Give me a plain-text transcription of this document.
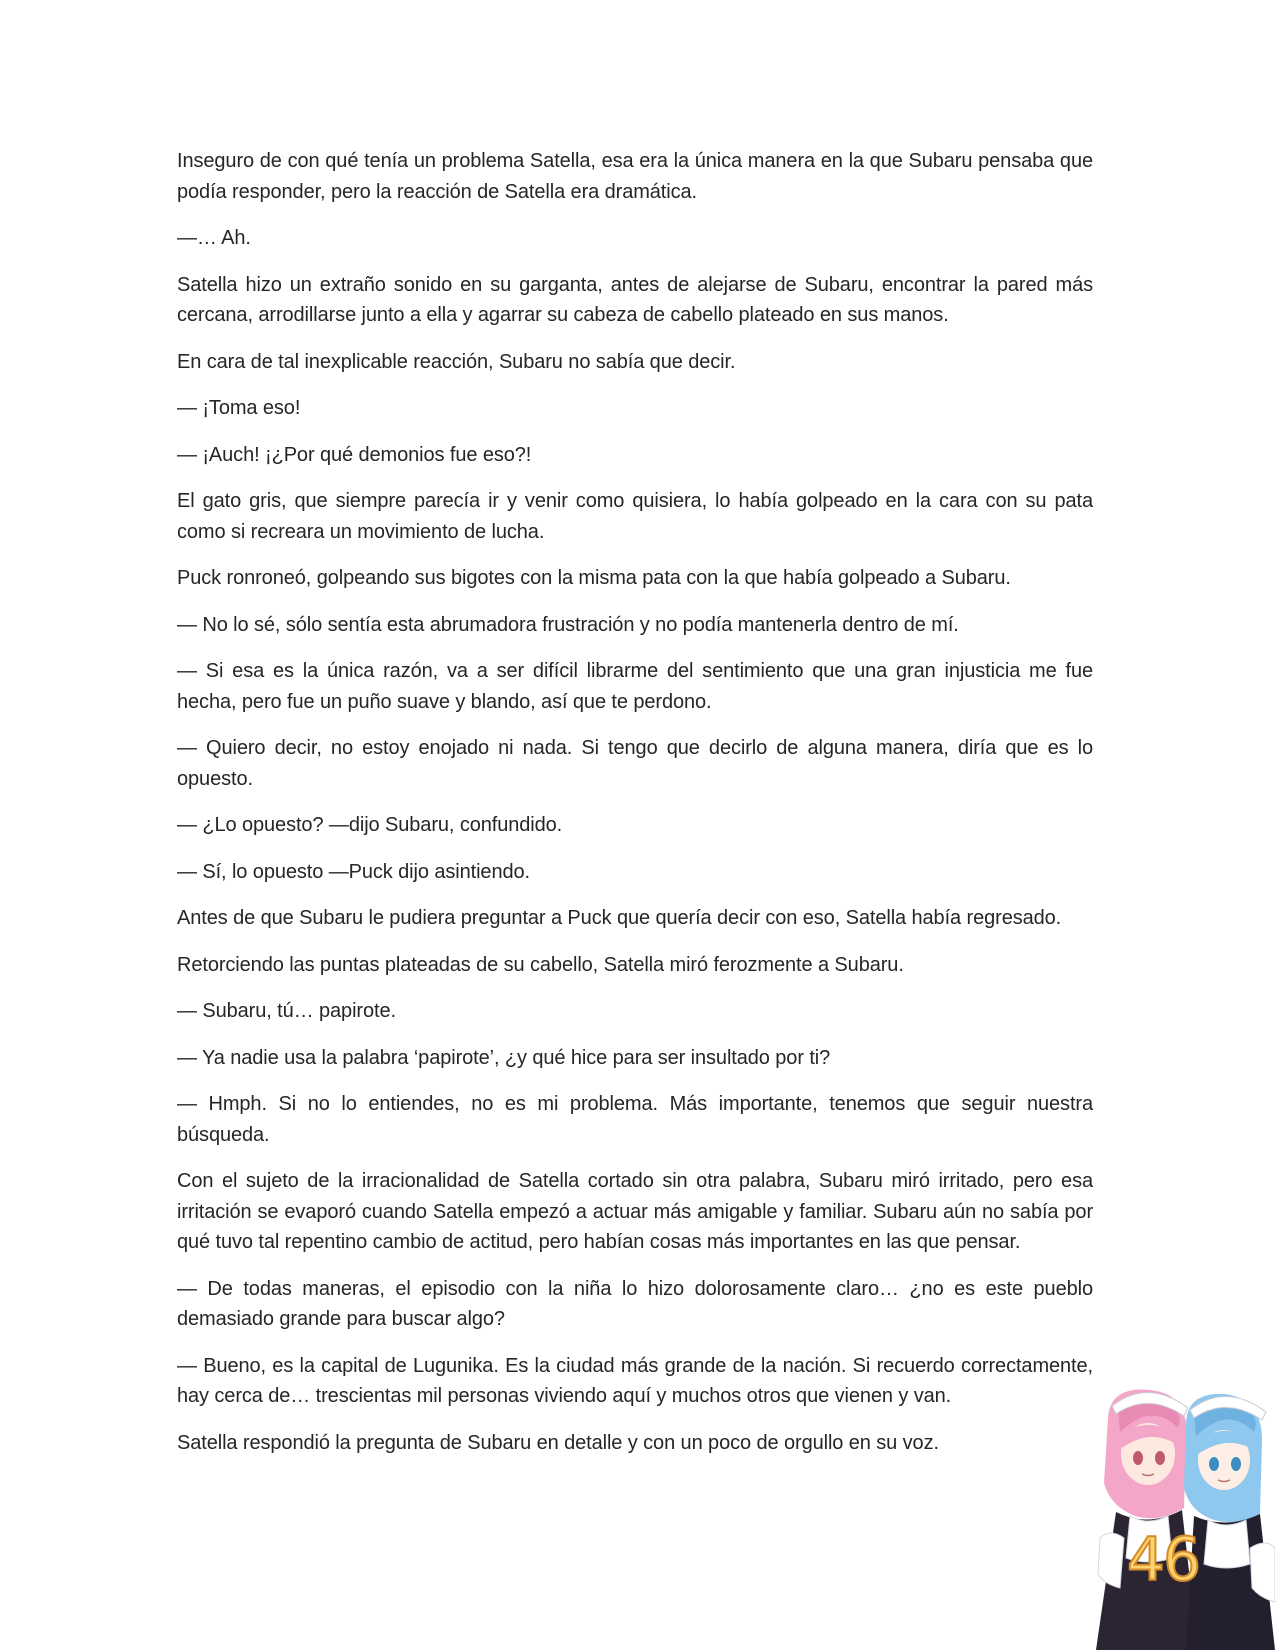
Inseguro de con qué tenía un problema Satella, esa era la única manera en la que Subaru pensaba que podía responder, pero la reacción de Satella era dramática.

—… Ah.

Satella hizo un extraño sonido en su garganta, antes de alejarse de Subaru, encontrar la pared más cercana, arrodillarse junto a ella y agarrar su cabeza de cabello plateado en sus manos.

En cara de tal inexplicable reacción, Subaru no sabía que decir.

— ¡Toma eso!

— ¡Auch! ¡¿Por qué demonios fue eso?!

El gato gris, que siempre parecía ir y venir como quisiera, lo había golpeado en la cara con su pata como si recreara un movimiento de lucha.

Puck ronroneó, golpeando sus bigotes con la misma pata con la que había golpeado a Subaru.

— No lo sé, sólo sentía esta abrumadora frustración y no podía mantenerla dentro de mí.

— Si esa es la única razón, va a ser difícil librarme del sentimiento que una gran injusticia me fue hecha, pero fue un puño suave y blando, así que te perdono.

— Quiero decir, no estoy enojado ni nada. Si tengo que decirlo de alguna manera, diría que es lo opuesto.

— ¿Lo opuesto? —dijo Subaru, confundido.

— Sí, lo opuesto —Puck dijo asintiendo.

Antes de que Subaru le pudiera preguntar a Puck que quería decir con eso, Satella había regresado.

Retorciendo las puntas plateadas de su cabello, Satella miró ferozmente a Subaru.

— Subaru, tú… papirote.

— Ya nadie usa la palabra ‘papirote’, ¿y qué hice para ser insultado por ti?

— Hmph. Si no lo entiendes, no es mi problema. Más importante, tenemos que seguir nuestra búsqueda.

Con el sujeto de la irracionalidad de Satella cortado sin otra palabra, Subaru miró irritado, pero esa irritación se evaporó cuando Satella empezó a actuar más amigable y familiar. Subaru aún no sabía por qué tuvo tal repentino cambio de actitud, pero habían cosas más importantes en las que pensar.

— De todas maneras, el episodio con la niña lo hizo dolorosamente claro… ¿no es este pueblo demasiado grande para buscar algo?

— Bueno, es la capital de Lugunika. Es la ciudad más grande de la nación. Si recuerdo correctamente, hay cerca de… trescientas mil personas viviendo aquí y muchos otros que vienen y van.

Satella respondió la pregunta de Subaru en detalle y con un poco de orgullo en su voz.

46
